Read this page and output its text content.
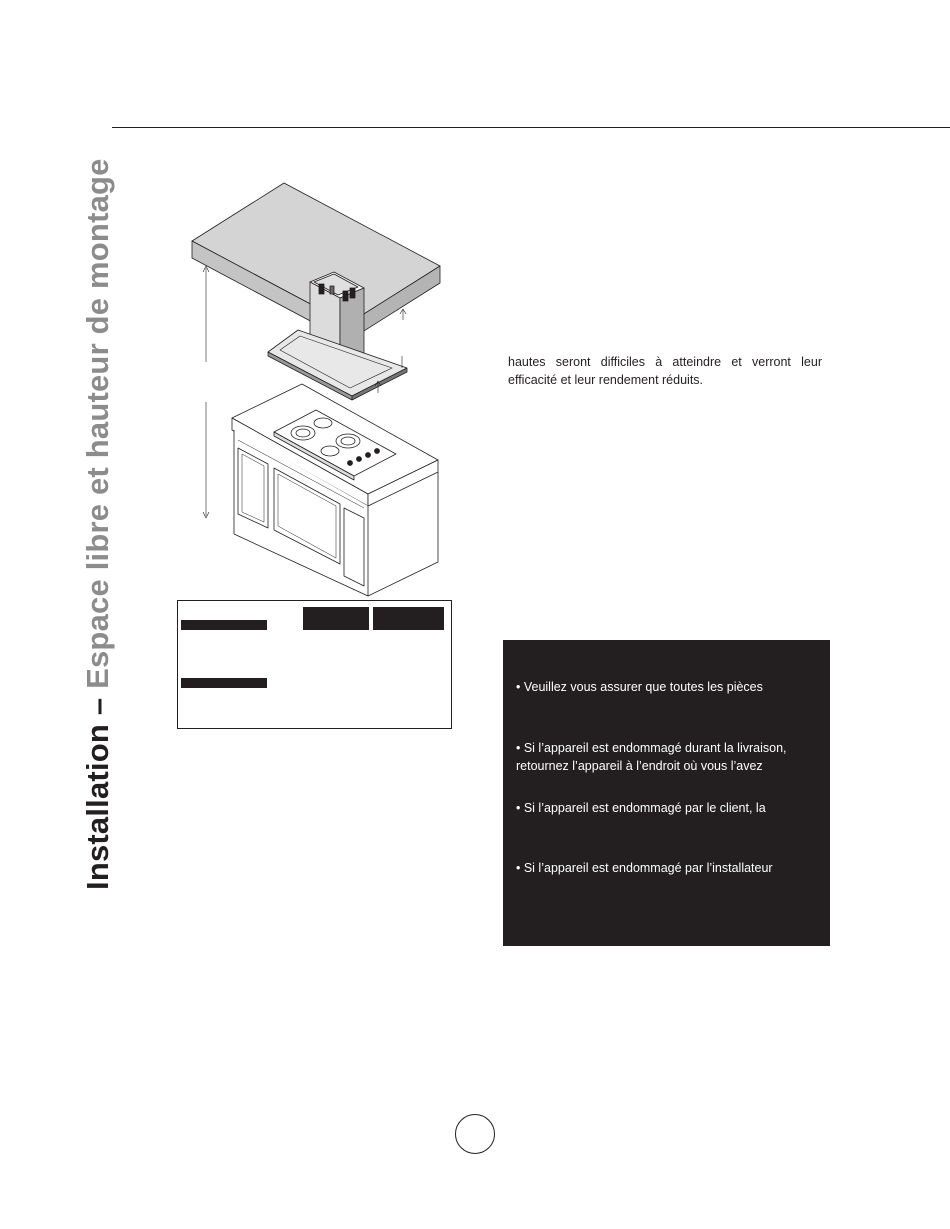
Installation – Espace libre et hauteur de montage	hautes seront difficiles à atteindre et verront leur efficacité et leur rendement réduits.

• Veuillez vous assurer que toutes les pièces

• Si l’appareil est endommagé durant la livraison, retournez l’appareil à l’endroit où vous l’avez

• Si l’appareil est endommagé par le client, la

• Si l’appareil est endommagé par l’installateur
